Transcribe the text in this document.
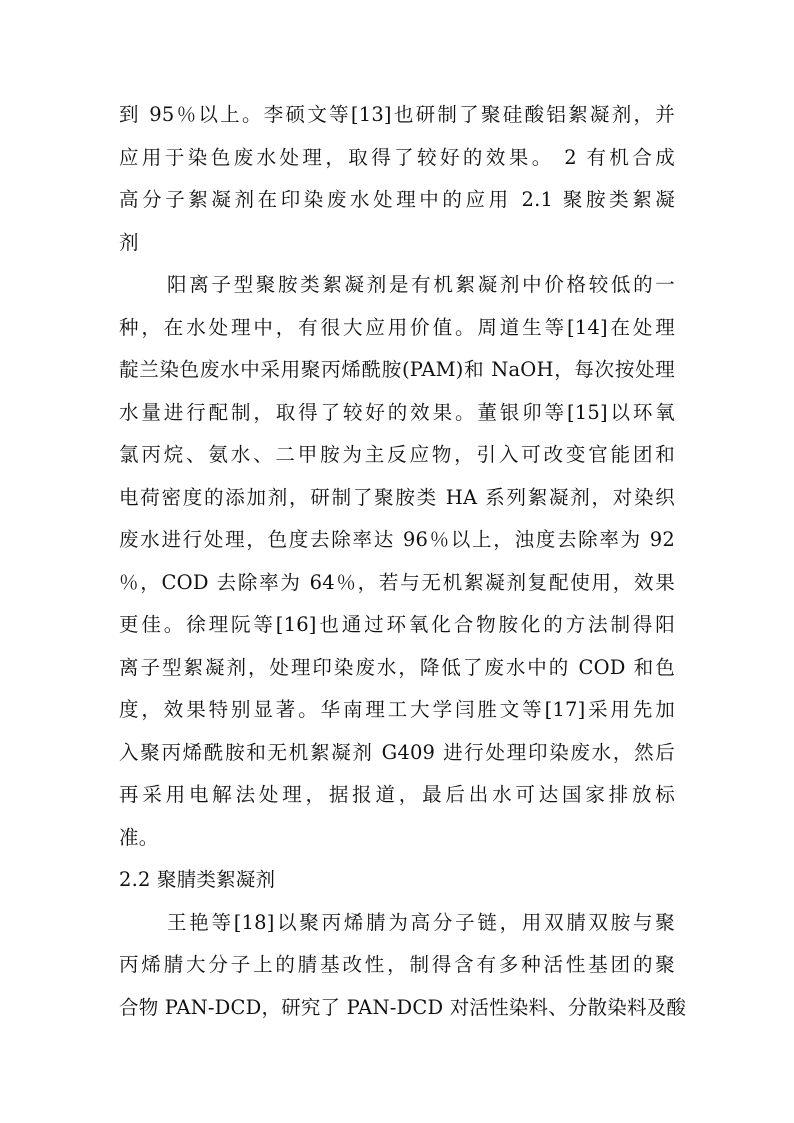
到 95％以上。李硕文等[13]也研制了聚硅酸铝絮凝剂，并
应用于染色废水处理，取得了较好的效果。 2 有机合成
高分子絮凝剂在印染废水处理中的应用 2.1 聚胺类絮凝
剂
阳离子型聚胺类絮凝剂是有机絮凝剂中价格较低的一
种，在水处理中，有很大应用价值。周道生等[14]在处理
靛兰染色废水中采用聚丙烯酰胺(PAM)和 NaOH，每次按处理
水量进行配制，取得了较好的效果。董银卯等[15]以环氧
氯丙烷、氨水、二甲胺为主反应物，引入可改变官能团和
电荷密度的添加剂，研制了聚胺类 HA 系列絮凝剂，对染织
废水进行处理，色度去除率达 96％以上，浊度去除率为 92
％，COD 去除率为 64％，若与无机絮凝剂复配使用，效果
更佳。徐理阮等[16]也通过环氧化合物胺化的方法制得阳
离子型絮凝剂，处理印染废水，降低了废水中的 COD 和色
度，效果特别显著。华南理工大学闫胜文等[17]采用先加
入聚丙烯酰胺和无机絮凝剂 G409 进行处理印染废水，然后
再采用电解法处理，据报道，最后出水可达国家排放标
准。
2.2 聚腈类絮凝剂
王艳等[18]以聚丙烯腈为高分子链，用双腈双胺与聚
丙烯腈大分子上的腈基改性，制得含有多种活性基团的聚
合物 PAN-DCD，研究了 PAN-DCD 对活性染料、分散染料及酸
